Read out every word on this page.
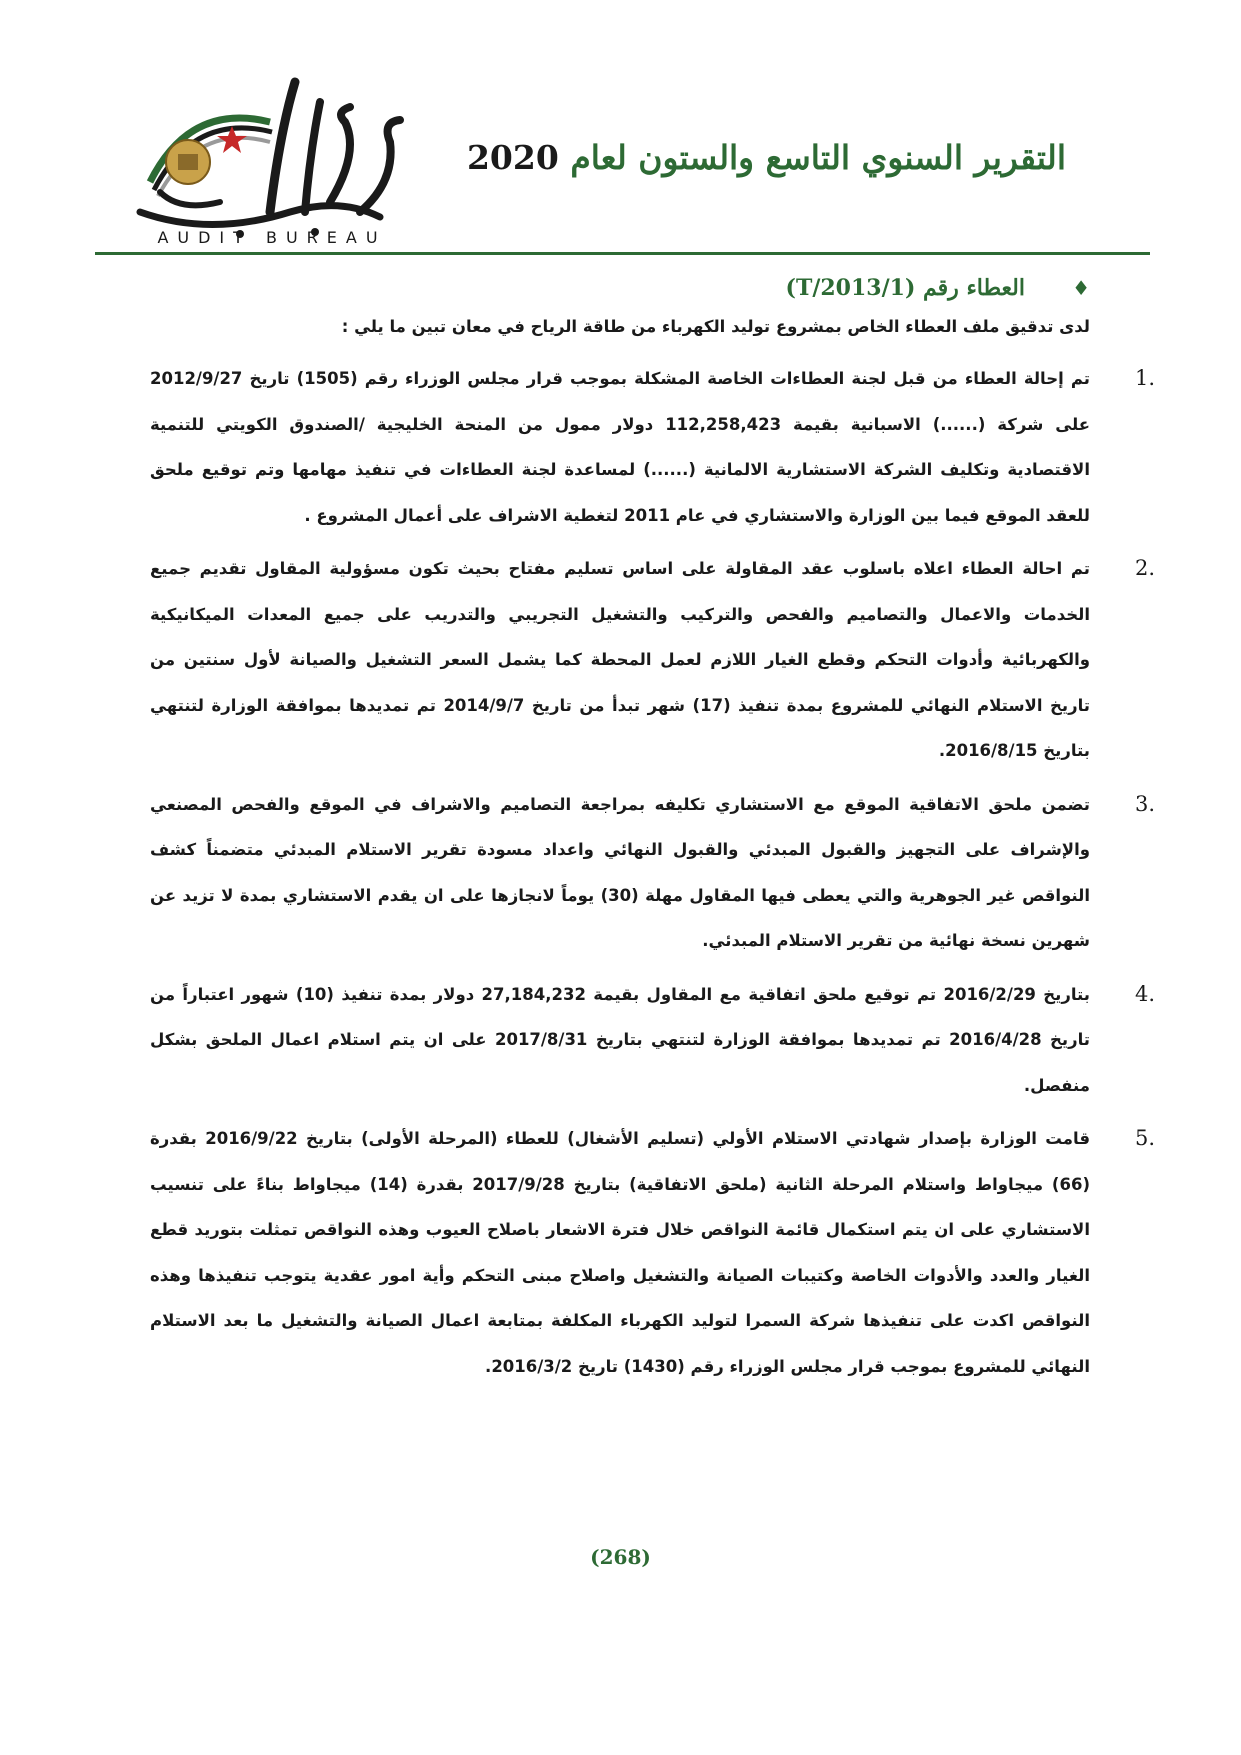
التقرير السنوي التاسع والستون لعام 2020
AUDIT BUREAU
♦
العطاء رقم (1/T/2013)
لدى تدقيق ملف العطاء الخاص بمشروع توليد الكهرباء من طاقة الرياح في معان تبين ما يلي :
1.
تم إحالة العطاء من قبل لجنة العطاءات الخاصة المشكلة بموجب قرار مجلس الوزراء رقم (1505) تاريخ 2012/9/27 على شركة (......) الاسبانية بقيمة 112,258,423 دولار ممول من المنحة الخليجية /الصندوق الكويتي للتنمية الاقتصادية وتكليف الشركة الاستشارية الالمانية (......) لمساعدة لجنة العطاءات في تنفيذ مهامها وتم توقيع ملحق للعقد الموقع فيما بين الوزارة والاستشاري في عام 2011 لتغطية الاشراف على أعمال المشروع .
2.
تم احالة العطاء اعلاه باسلوب عقد المقاولة على اساس تسليم مفتاح بحيث تكون مسؤولية المقاول تقديم جميع الخدمات والاعمال والتصاميم والفحص والتركيب والتشغيل التجريبي والتدريب على جميع المعدات الميكانيكية والكهربائية وأدوات التحكم وقطع الغيار اللازم لعمل المحطة كما يشمل السعر التشغيل والصيانة لأول سنتين من تاريخ الاستلام النهائي للمشروع بمدة تنفيذ (17) شهر تبدأ من تاريخ 2014/9/7 تم تمديدها بموافقة الوزارة لتنتهي بتاريخ 2016/8/15.
3.
تضمن ملحق الاتفاقية الموقع مع الاستشاري تكليفه بمراجعة التصاميم والاشراف في الموقع والفحص المصنعي والإشراف على التجهيز والقبول المبدئي والقبول النهائي واعداد مسودة تقرير الاستلام المبدئي متضمناً كشف النواقص غير الجوهرية والتي يعطى فيها المقاول مهلة (30) يوماً لانجازها على ان يقدم الاستشاري بمدة لا تزيد عن شهرين نسخة نهائية من تقرير الاستلام المبدئي.
4.
بتاريخ 2016/2/29 تم توقيع ملحق اتفاقية مع المقاول بقيمة 27,184,232 دولار بمدة تنفيذ (10) شهور اعتباراً من تاريخ 2016/4/28 تم تمديدها بموافقة الوزارة لتنتهي بتاريخ 2017/8/31 على ان يتم استلام اعمال الملحق بشكل منفصل.
5.
قامت الوزارة بإصدار شهادتي الاستلام الأولي (تسليم الأشغال) للعطاء (المرحلة الأولى) بتاريخ 2016/9/22 بقدرة (66) ميجاواط واستلام المرحلة الثانية (ملحق الاتفاقية) بتاريخ 2017/9/28 بقدرة (14) ميجاواط بناءً على تنسيب الاستشاري على ان يتم استكمال قائمة النواقص خلال فترة الاشعار باصلاح العيوب وهذه النواقص تمثلت بتوريد قطع الغيار والعدد والأدوات الخاصة وكتيبات الصيانة والتشغيل واصلاح مبنى التحكم وأية امور عقدية يتوجب تنفيذها وهذه النواقص اكدت على تنفيذها شركة السمرا لتوليد الكهرباء المكلفة بمتابعة اعمال الصيانة والتشغيل ما بعد الاستلام النهائي للمشروع بموجب قرار مجلس الوزراء رقم (1430) تاريخ 2016/3/2.
(268)
